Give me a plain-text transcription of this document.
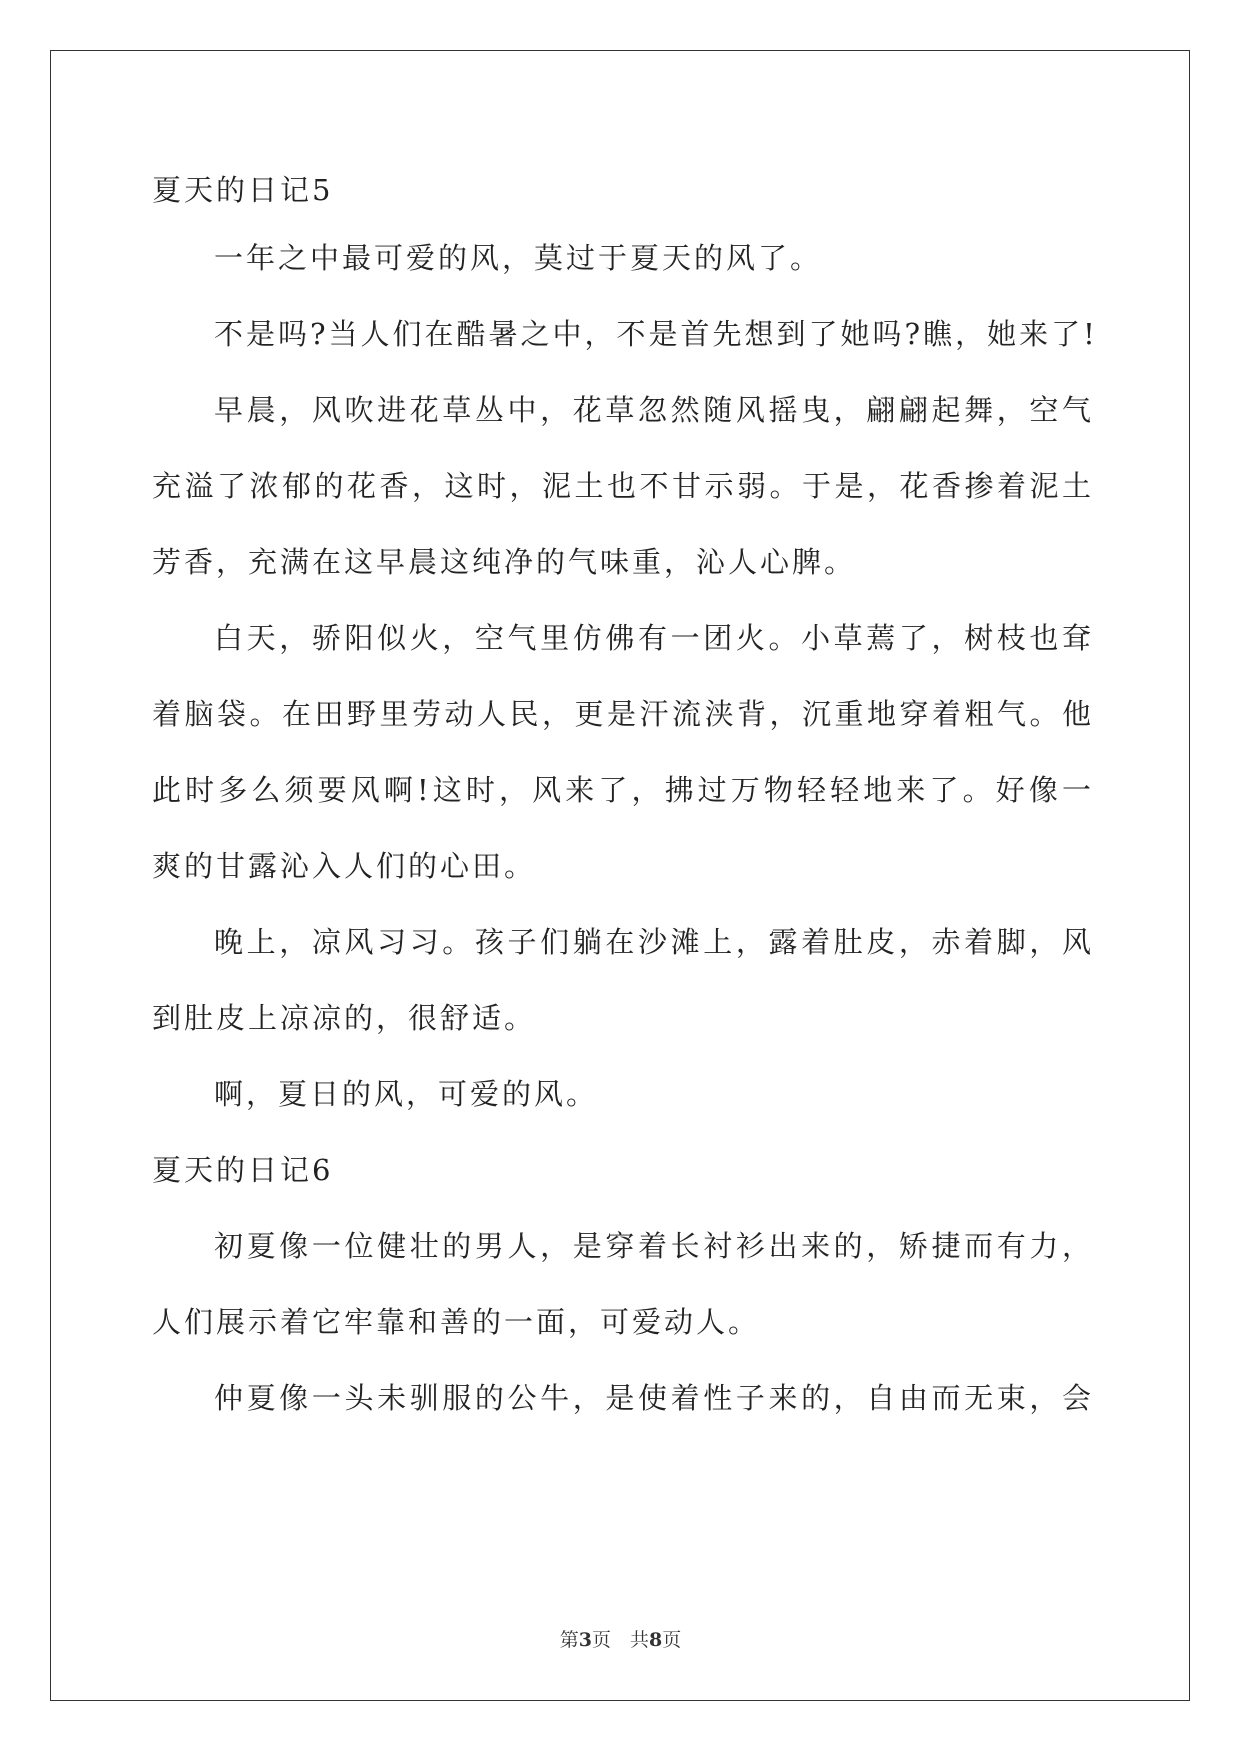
夏天的日记5
一年之中最可爱的风，莫过于夏天的风了。
不是吗?当人们在酷暑之中，不是首先想到了她吗?瞧，她来了!
早晨，风吹进花草丛中，花草忽然随风摇曳，翩翩起舞，空气
充溢了浓郁的花香，这时，泥土也不甘示弱。于是，花香掺着泥土
芳香，充满在这早晨这纯净的气味重，沁人心脾。
白天，骄阳似火，空气里仿佛有一团火。小草蔫了，树枝也耷
着脑袋。在田野里劳动人民，更是汗流浃背，沉重地穿着粗气。他
此时多么须要风啊!这时，风来了，拂过万物轻轻地来了。好像一
爽的甘露沁入人们的心田。
晚上，凉风习习。孩子们躺在沙滩上，露着肚皮，赤着脚，风
到肚皮上凉凉的，很舒适。
啊，夏日的风，可爱的风。
夏天的日记6
初夏像一位健壮的男人，是穿着长衬衫出来的，矫捷而有力，
人们展示着它牢靠和善的一面，可爱动人。
仲夏像一头未驯服的公牛，是使着性子来的，自由而无束，会
第3页　共8页
